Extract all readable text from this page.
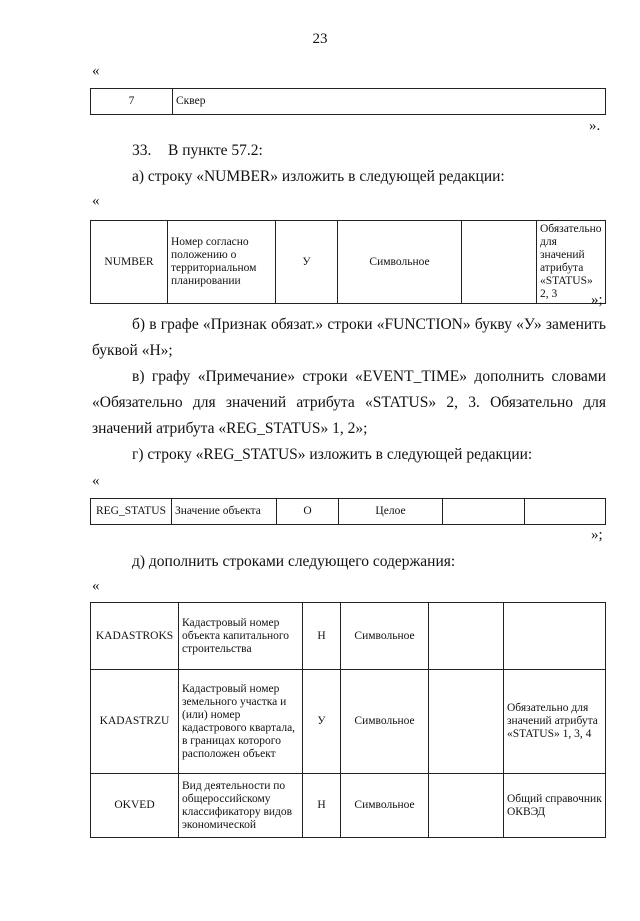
23
«
7	Сквер
».
33. В пункте 57.2:
а) строку «NUMBER» изложить в следующей редакции:
«
NUMBER	Номер согласно положению о территориальном планировании	У	Символьное		Обязательно для значений атрибута «STATUS» 2, 3 »;
б) в графе «Признак обязат.» строки «FUNCTION» букву «У» заменить буквой «Н»;
в) графу «Примечание» строки «EVENT_TIME» дополнить словами «Обязательно для значений атрибута «STATUS» 2, 3. Обязательно для значений атрибута «REG_STATUS» 1, 2»;
г) строку «REG_STATUS» изложить в следующей редакции:
«
REG_STATUS	Значение объекта	О	Целое		
»;
д) дополнить строками следующего содержания:
«
KADASTROKS	Кадастровый номер объекта капитального строительства	Н	Символьное		
KADASTRZU	Кадастровый номер земельного участка и (или) номер кадастрового квартала, в границах которого расположен объект	У	Символьное		Обязательно для значений атрибута «STATUS» 1, 3, 4
OKVED	Вид деятельности по общероссийскому классификатору видов экономической	Н	Символьное		Общий справочник ОКВЭД
